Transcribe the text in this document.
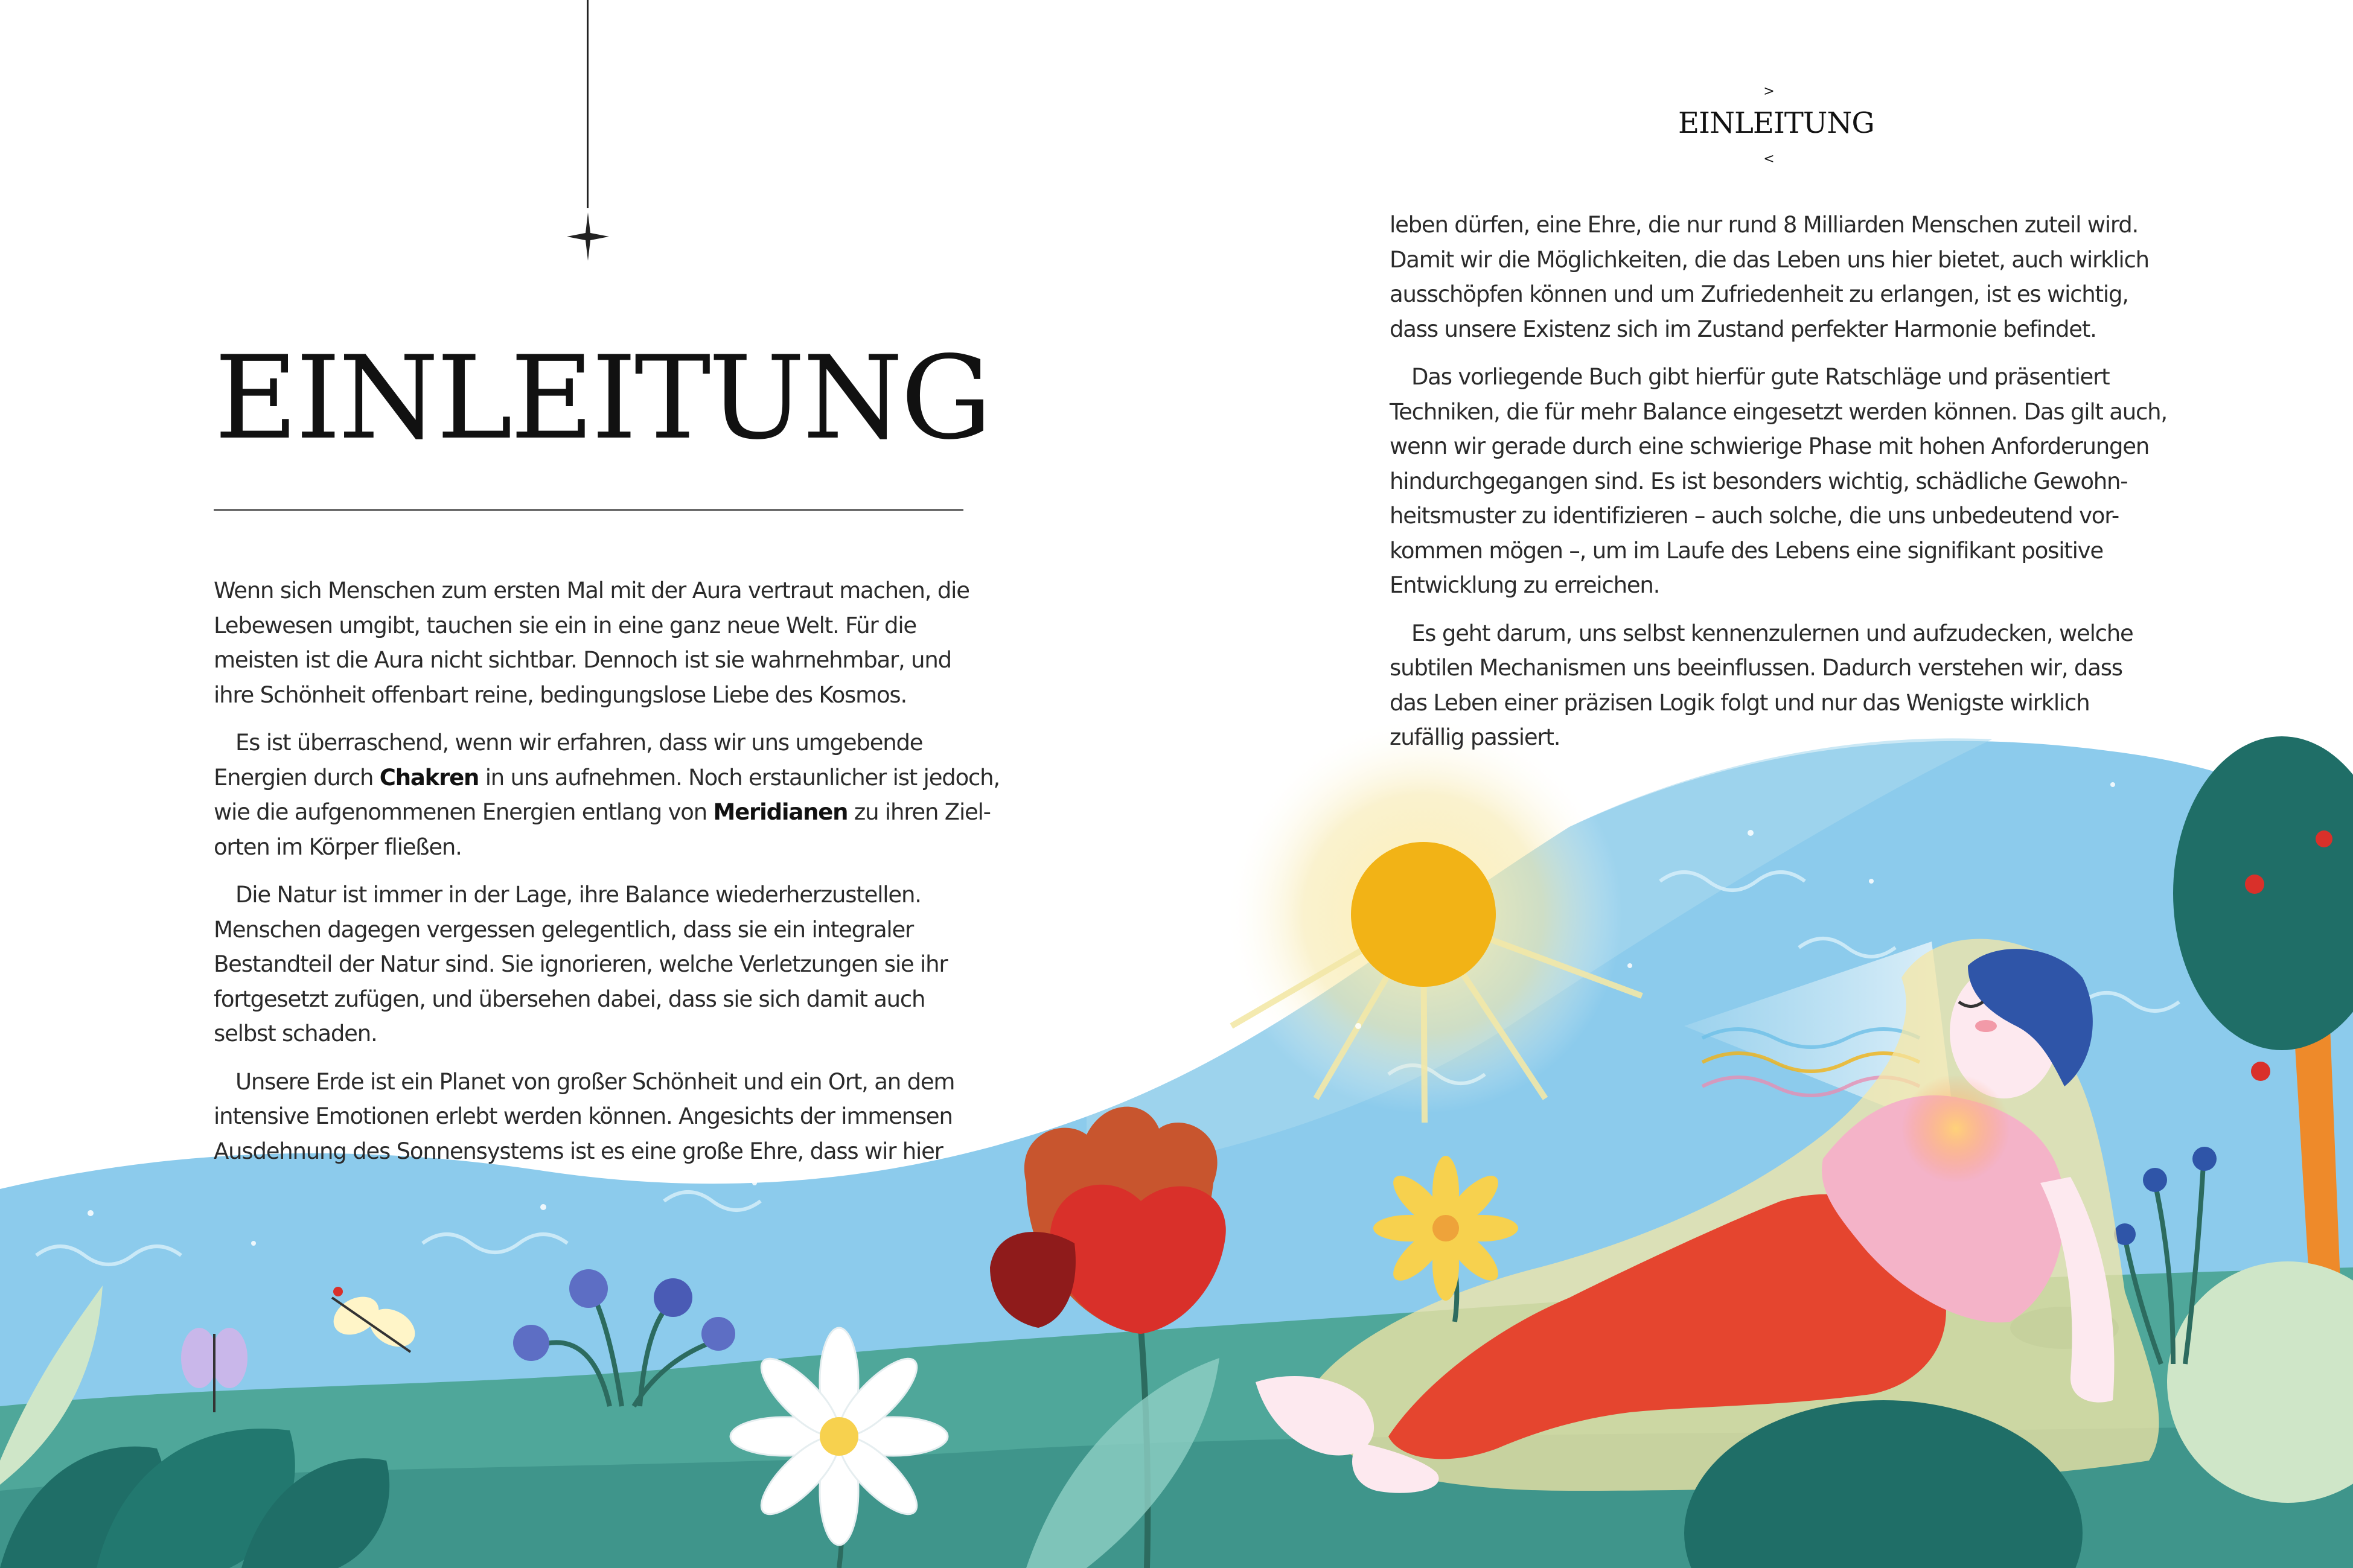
EINLEITUNG

Wenn sich Menschen zum ersten Mal mit der Aura vertraut machen, die
Lebewesen umgibt, tauchen sie ein in eine ganz neue Welt. Für die
meisten ist die Aura nicht sichtbar. Dennoch ist sie wahrnehmbar, und
ihre Schönheit offenbart reine, bedingungslose Liebe des Kosmos.

Es ist überraschend, wenn wir erfahren, dass wir uns umgebende
Energien durch Chakren in uns aufnehmen. Noch erstaunlicher ist jedoch,
wie die aufgenommenen Energien entlang von Meridianen zu ihren Ziel-
orten im Körper fließen.

Die Natur ist immer in der Lage, ihre Balance wiederherzustellen.
Menschen dagegen vergessen gelegentlich, dass sie ein integraler
Bestandteil der Natur sind. Sie ignorieren, welche Verletzungen sie ihr
fortgesetzt zufügen, und übersehen dabei, dass sie sich damit auch
selbst schaden.

Unsere Erde ist ein Planet von großer Schönheit und ein Ort, an dem
intensive Emotionen erlebt werden können. Angesichts der immensen
Ausdehnung des Sonnensystems ist es eine große Ehre, dass wir hier

> EINLEITUNG <

leben dürfen, eine Ehre, die nur rund 8 Milliarden Menschen zuteil wird.
Damit wir die Möglichkeiten, die das Leben uns hier bietet, auch wirklich
ausschöpfen können und um Zufriedenheit zu erlangen, ist es wichtig,
dass unsere Existenz sich im Zustand perfekter Harmonie befindet.

Das vorliegende Buch gibt hierfür gute Ratschläge und präsentiert
Techniken, die für mehr Balance eingesetzt werden können. Das gilt auch,
wenn wir gerade durch eine schwierige Phase mit hohen Anforderungen
hindurchgegangen sind. Es ist besonders wichtig, schädliche Gewohn-
heitsmuster zu identifizieren – auch solche, die uns unbedeutend vor-
kommen mögen –, um im Laufe des Lebens eine signifikant positive
Entwicklung zu erreichen.

Es geht darum, uns selbst kennenzulernen und aufzudecken, welche
subtilen Mechanismen uns beeinflussen. Dadurch verstehen wir, dass
das Leben einer präzisen Logik folgt und nur das Wenigste wirklich
zufällig passiert.
